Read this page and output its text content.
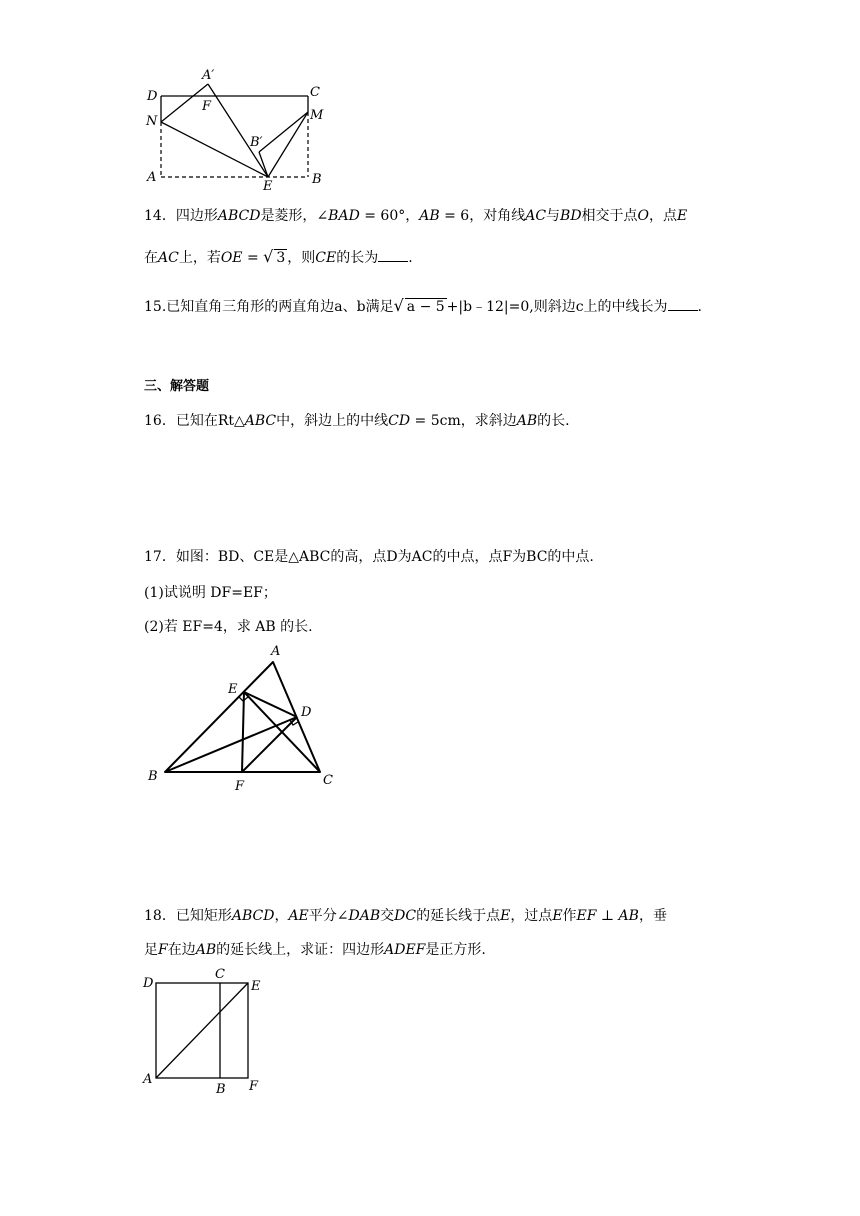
A′
D
F
C
N	M
B′
A
E	B
14．四边形ABCD是菱形，∠BAD = 60°，AB = 6，对角线AC与BD相交于点O，点E
在AC上，若OE = √ 3 ，则CE的长为 .
15.已知直角三角形的两直角边a、b满足√ a − 5 +|b﹣12|=0,则斜边c上的中线长为 .
三、解答题
16．已知在Rt△ABC中，斜边上的中线CD = 5cm，求斜边AB的长.
17．如图：BD、CE是△ABC的高，点D为AC的中点，点F为BC的中点.
(1)试说明 DF=EF；
(2)若 EF=4，求 AB 的长.
A
E
D
B
F	C
18．已知矩形ABCD，AE平分∠DAB交DC的延长线于点E，过点E作EF ⊥ AB，垂
足F在边AB的延长线上，求证：四边形ADEF是正方形.
D
C
E
A
B F
